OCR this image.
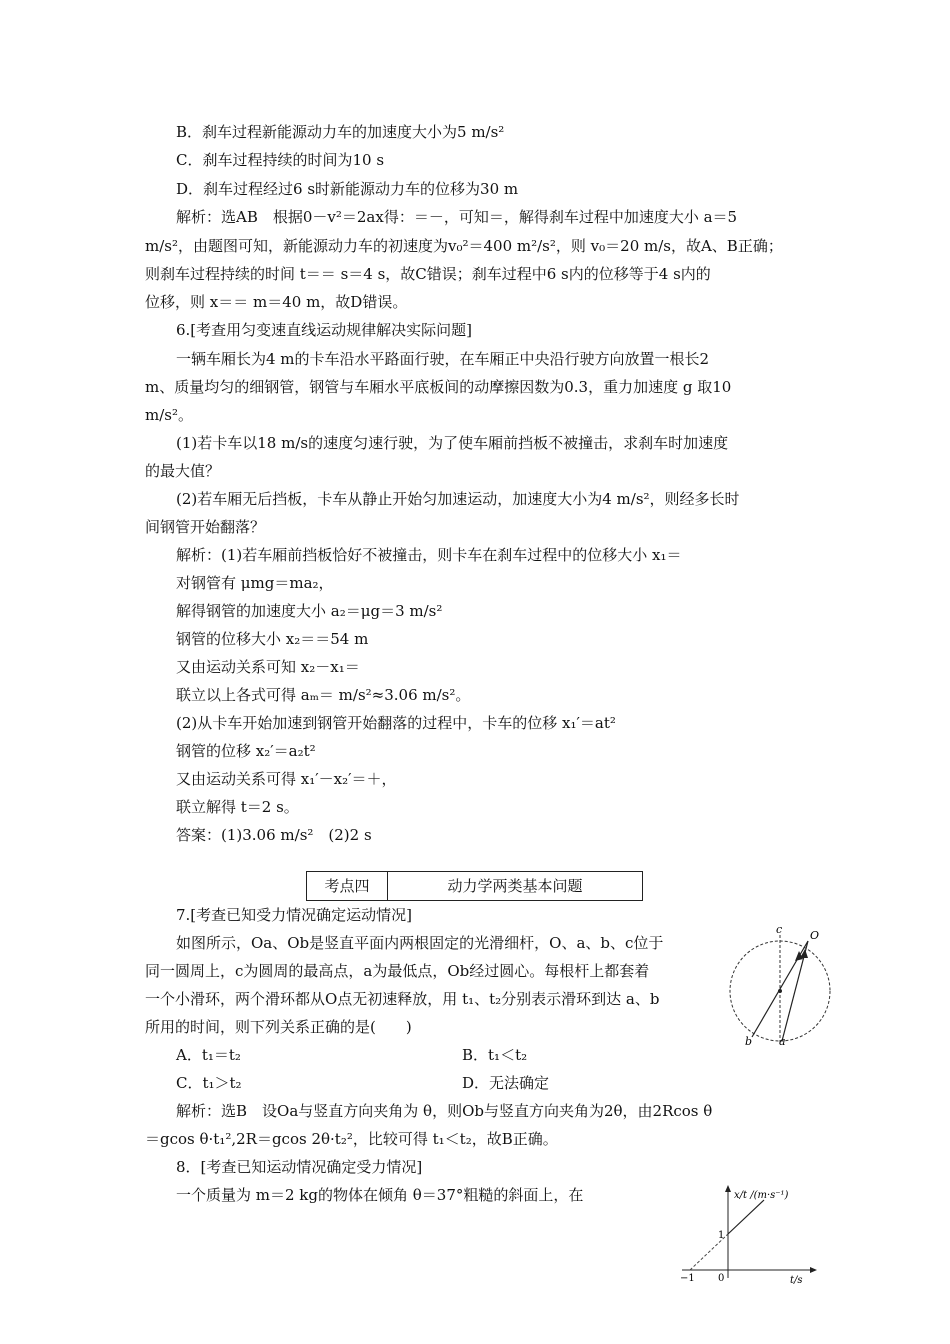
B．刹车过程新能源动力车的加速度大小为5 m/s²
C．刹车过程持续的时间为10 s
D．刹车过程经过6 s时新能源动力车的位移为30 m
解析：选AB　根据0－v²＝2ax得：＝－，可知＝，解得刹车过程中加速度大小 a＝5
m/s²，由题图可知，新能源动力车的初速度为v₀²＝400 m²/s²，则 v₀＝20 m/s，故A、B正确；
则刹车过程持续的时间 t＝＝ s＝4 s，故C错误；刹车过程中6 s内的位移等于4 s内的
位移，则 x＝＝ m＝40 m，故D错误。
6.[考查用匀变速直线运动规律解决实际问题]
一辆车厢长为4 m的卡车沿水平路面行驶，在车厢正中央沿行驶方向放置一根长2
m、质量均匀的细钢管，钢管与车厢水平底板间的动摩擦因数为0.3，重力加速度 g 取10
m/s²。
(1)若卡车以18 m/s的速度匀速行驶，为了使车厢前挡板不被撞击，求刹车时加速度
的最大值？
(2)若车厢无后挡板，卡车从静止开始匀加速运动，加速度大小为4 m/s²，则经多长时
间钢管开始翻落？
解析：(1)若车厢前挡板恰好不被撞击，则卡车在刹车过程中的位移大小 x₁＝
对钢管有 μmg＝ma₂，
解得钢管的加速度大小 a₂＝μg＝3 m/s²
钢管的位移大小 x₂＝＝54 m
又由运动关系可知 x₂－x₁＝
联立以上各式可得 aₘ＝ m/s²≈3.06 m/s²。
(2)从卡车开始加速到钢管开始翻落的过程中，卡车的位移 x₁′＝at²
钢管的位移 x₂′＝a₂t²
又由运动关系可得 x₁′－x₂′＝＋，
联立解得 t＝2 s。
答案：(1)3.06 m/s²　(2)2 s
考点四	动力学两类基本问题
7.[考查已知受力情况确定运动情况]
如图所示，Oa、Ob是竖直平面内两根固定的光滑细杆，O、a、b、c位于
同一圆周上，c为圆周的最高点，a为最低点，Ob经过圆心。每根杆上都套着
一个小滑环，两个滑环都从O点无初速释放，用 t₁、t₂分别表示滑环到达 a、b
所用的时间，则下列关系正确的是(　　)
A．t₁＝t₂	B．t₁＜t₂
C．t₁＞t₂	D．无法确定
解析：选B　设Oa与竖直方向夹角为 θ，则Ob与竖直方向夹角为2θ，由2Rcos θ
＝gcos θ·t₁²,2R＝gcos 2θ·t₂²，比较可得 t₁＜t₂，故B正确。
8．[考查已知运动情况确定受力情况]
一个质量为 m＝2 kg的物体在倾角 θ＝37°粗糙的斜面上，在
c	O
b a
x/t /(m·s⁻¹)
t/s
1
−1 0
